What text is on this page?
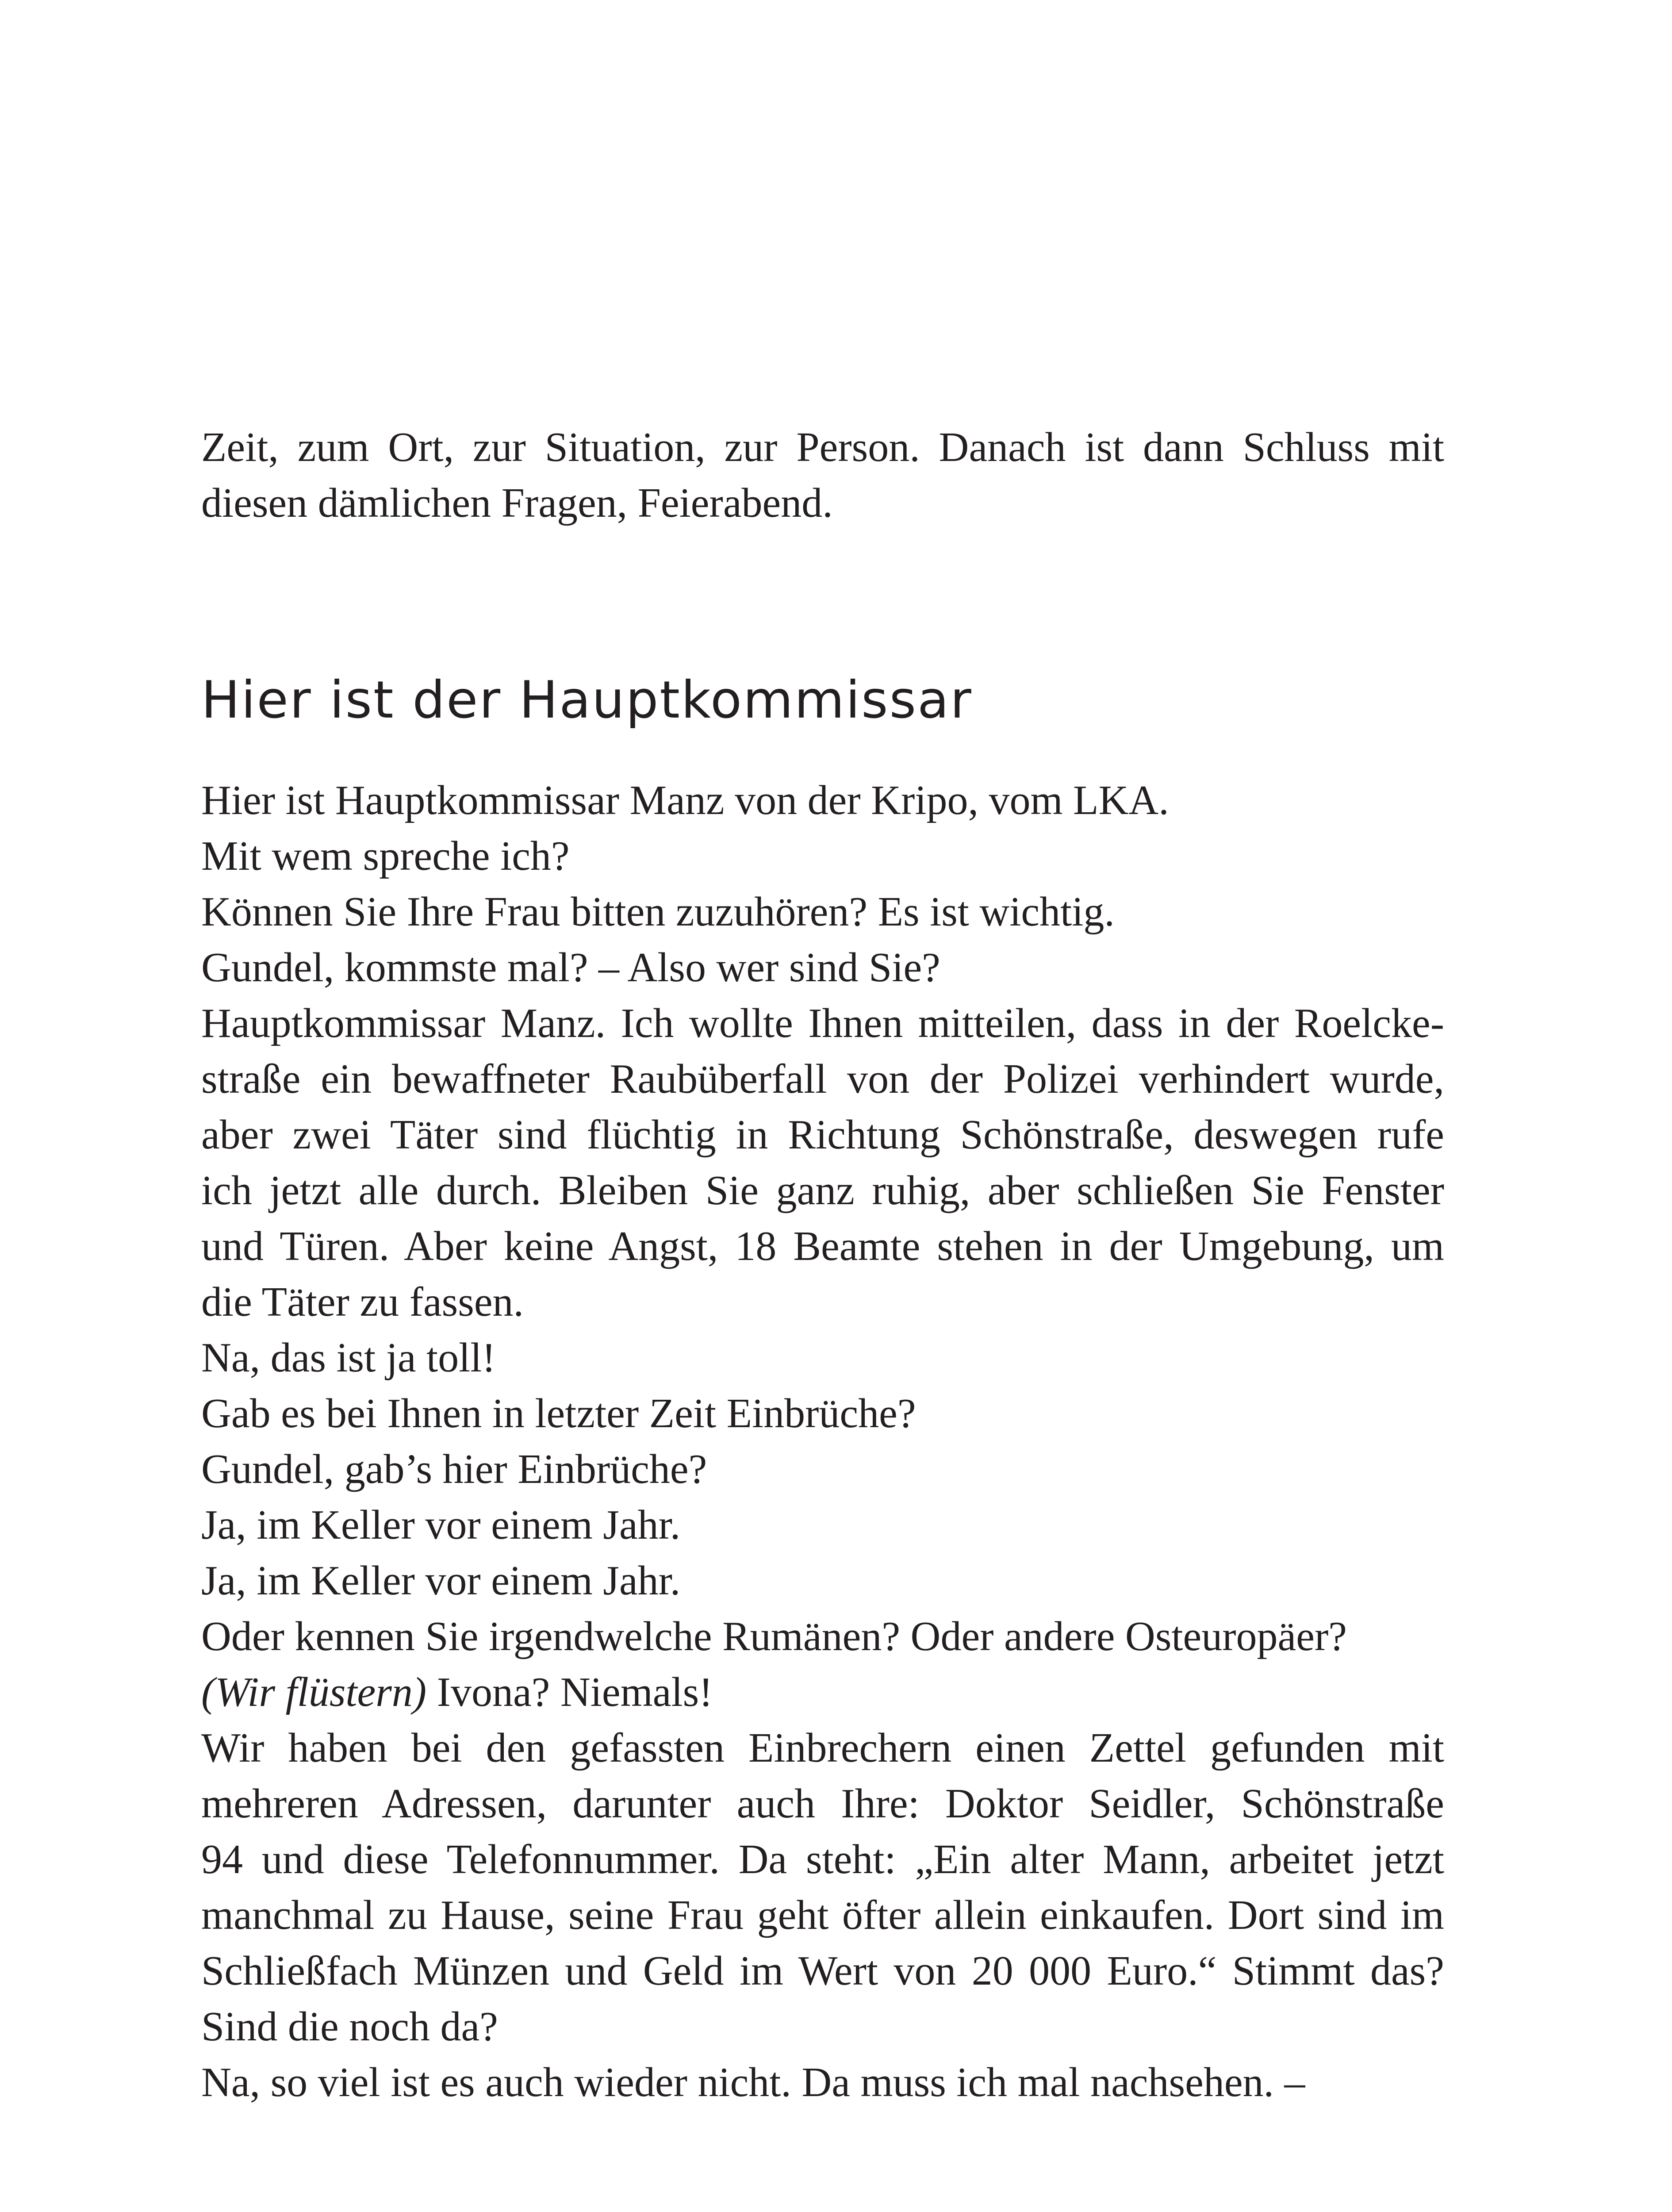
Zeit, zum Ort, zur Situation, zur Person. Danach ist dann Schluss mit
diesen dämlichen Fragen, Feierabend.
Hier ist der Hauptkommissar
Hier ist Hauptkommissar Manz von der Kripo, vom LKA.
Mit wem spreche ich?
Können Sie Ihre Frau bitten zuzuhören? Es ist wichtig.
Gundel, kommste mal? – Also wer sind Sie?
Hauptkommissar Manz. Ich wollte Ihnen mitteilen, dass in der Roelcke-
straße ein bewaffneter Raubüberfall von der Polizei verhindert wurde,
aber zwei Täter sind flüchtig in Richtung Schönstraße, deswegen rufe
ich jetzt alle durch. Bleiben Sie ganz ruhig, aber schließen Sie Fenster
und Türen. Aber keine Angst, 18 Beamte stehen in der Umgebung, um
die Täter zu fassen.
Na, das ist ja toll!
Gab es bei Ihnen in letzter Zeit Einbrüche?
Gundel, gab’s hier Einbrüche?
Ja, im Keller vor einem Jahr.
Ja, im Keller vor einem Jahr.
Oder kennen Sie irgendwelche Rumänen? Oder andere Osteuropäer?
(Wir flüstern) Ivona? Niemals!
Wir haben bei den gefassten Einbrechern einen Zettel gefunden mit
mehreren Adressen, darunter auch Ihre: Doktor Seidler, Schönstraße
94 und diese Telefonnummer. Da steht: „Ein alter Mann, arbeitet jetzt
manchmal zu Hause, seine Frau geht öfter allein einkaufen. Dort sind im
Schließfach Münzen und Geld im Wert von 20 000 Euro.“ Stimmt das?
Sind die noch da?
Na, so viel ist es auch wieder nicht. Da muss ich mal nachsehen. –
